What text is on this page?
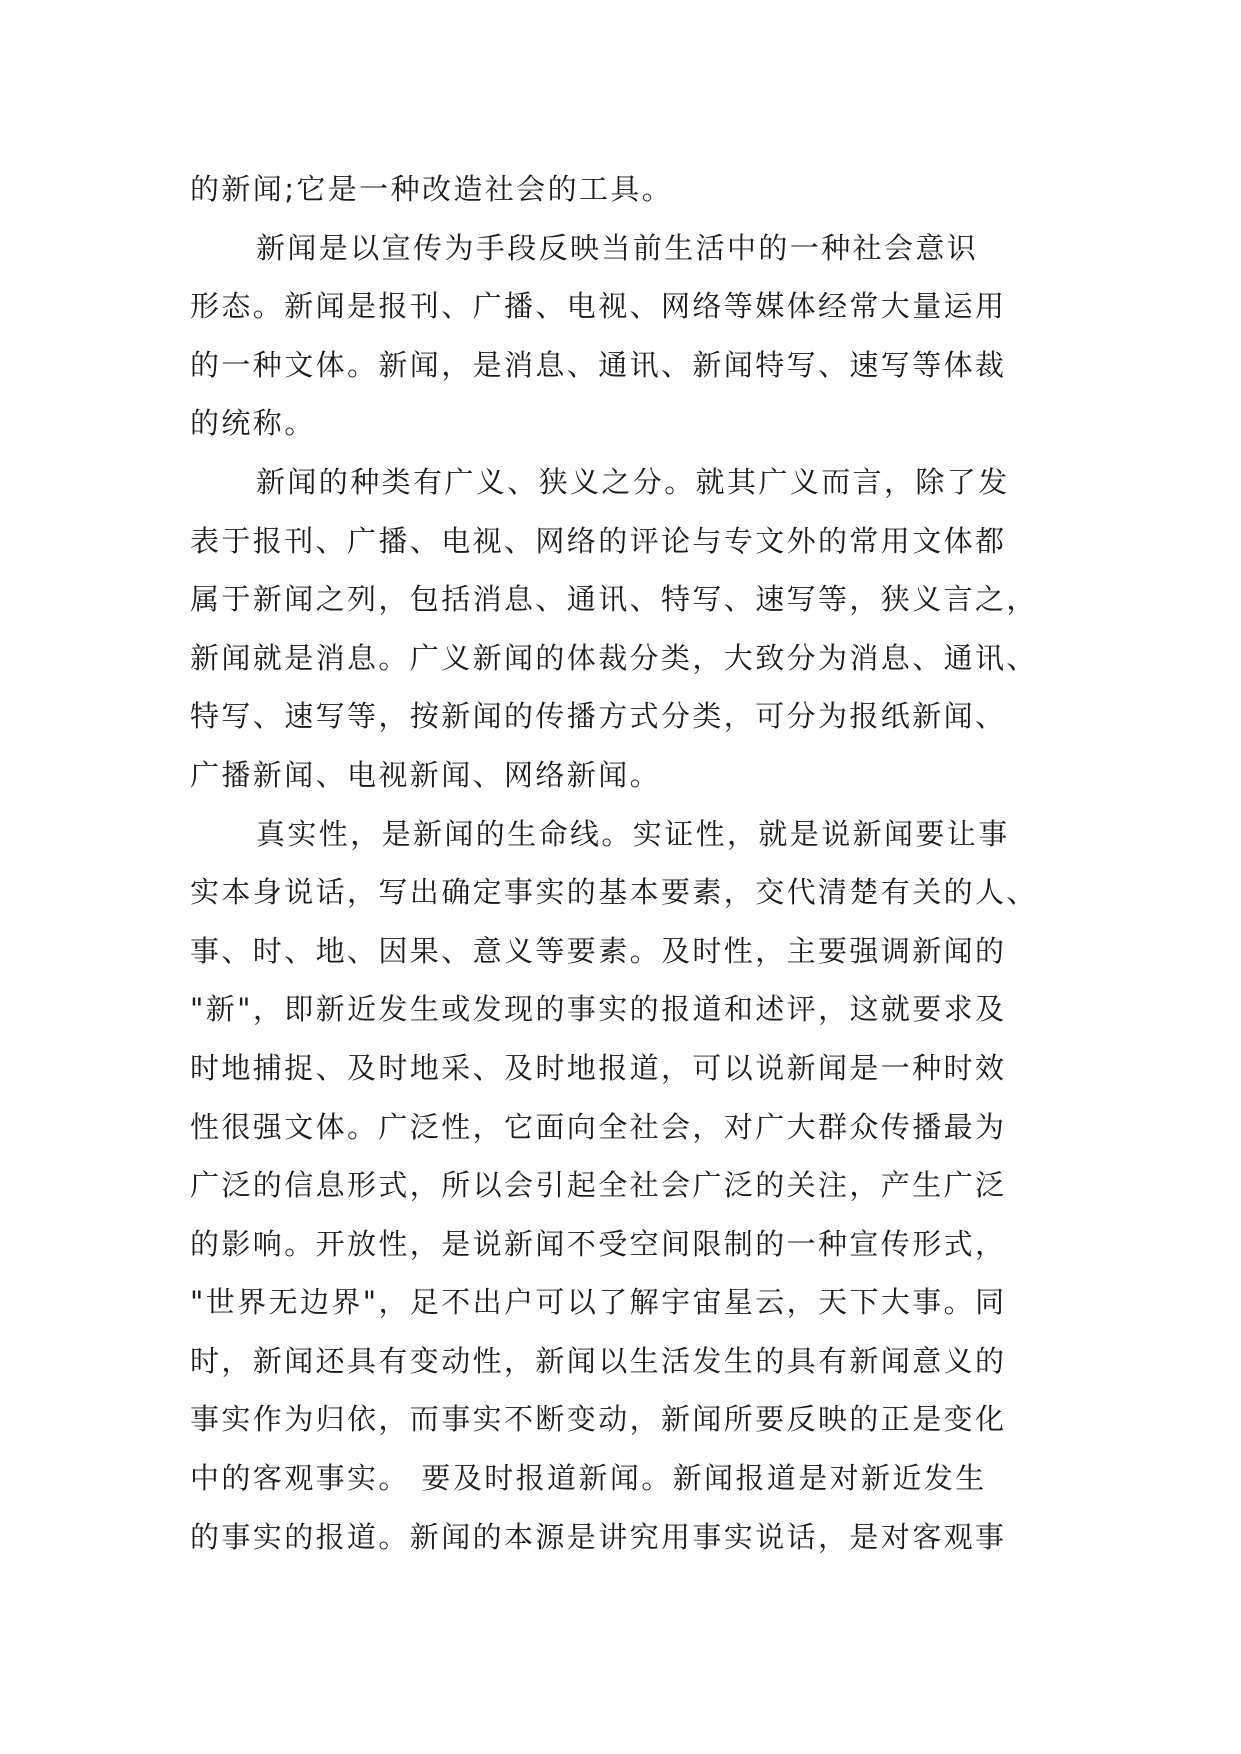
的新闻;它是一种改造社会的工具。
新闻是以宣传为手段反映当前生活中的一种社会意识
形态。新闻是报刊、广播、电视、网络等媒体经常大量运用
的一种文体。新闻，是消息、通讯、新闻特写、速写等体裁
的统称。
新闻的种类有广义、狭义之分。就其广义而言，除了发
表于报刊、广播、电视、网络的评论与专文外的常用文体都
属于新闻之列，包括消息、通讯、特写、速写等，狭义言之，
新闻就是消息。广义新闻的体裁分类，大致分为消息、通讯、
特写、速写等，按新闻的传播方式分类，可分为报纸新闻、
广播新闻、电视新闻、网络新闻。
真实性，是新闻的生命线。实证性，就是说新闻要让事
实本身说话，写出确定事实的基本要素，交代清楚有关的人、
事、时、地、因果、意义等要素。及时性，主要强调新闻的
"新"，即新近发生或发现的事实的报道和述评，这就要求及
时地捕捉、及时地采、及时地报道，可以说新闻是一种时效
性很强文体。广泛性，它面向全社会，对广大群众传播最为
广泛的信息形式，所以会引起全社会广泛的关注，产生广泛
的影响。开放性，是说新闻不受空间限制的一种宣传形式，
"世界无边界"，足不出户可以了解宇宙星云，天下大事。同
时，新闻还具有变动性，新闻以生活发生的具有新闻意义的
事实作为归依，而事实不断变动，新闻所要反映的正是变化
中的客观事实。 要及时报道新闻。新闻报道是对新近发生
的事实的报道。新闻的本源是讲究用事实说话，是对客观事
